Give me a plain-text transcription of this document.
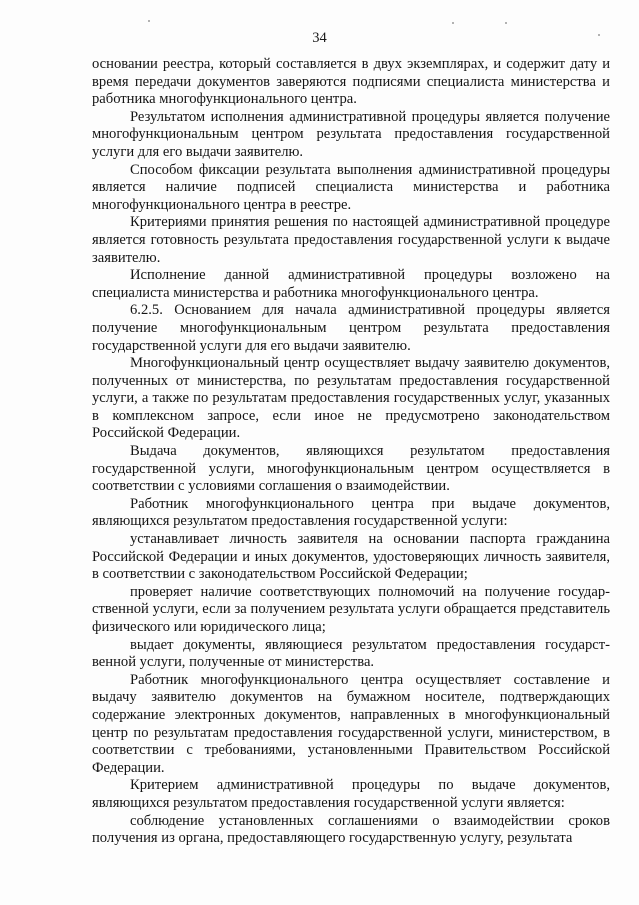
34

основании реестра, который составляется в двух экземплярах, и содержит дату и время передачи документов заверяются подписями специалиста министерства и работника многофункционального центра.

Результатом исполнения административной процедуры является получение многофункциональным центром результата предоставления государственной услуги для его выдачи заявителю.

Способом фиксации результата выполнения административной процедуры является наличие подписей специалиста министерства и работника многофункционального центра в реестре.

Критериями принятия решения по настоящей административной процедуре является готовность результата предоставления государственной услуги к выдаче заявителю.

Исполнение данной административной процедуры возложено на специалиста министерства и работника многофункционального центра.

6.2.5. Основанием для начала административной процедуры является получение многофункциональным центром результата предоставления государственной услуги для его выдачи заявителю.

Многофункциональный центр осуществляет выдачу заявителю документов, полученных от министерства, по результатам предоставления государственной услуги, а также по результатам предоставления государственных услуг, указанных в комплексном запросе, если иное не предусмотрено законодательством Российской Федерации.

Выдача документов, являющихся результатом предоставления государственной услуги, многофункциональным центром осуществляется в соответствии с условиями соглашения о взаимодействии.

Работник многофункционального центра при выдаче документов, являющихся результатом предоставления государственной услуги:

устанавливает личность заявителя на основании паспорта гражданина Российской Федерации и иных документов, удостоверяющих личность заявителя, в соответствии с законодательством Российской Федерации;

проверяет наличие соответствующих полномочий на получение государственной услуги, если за получением результата услуги обращается представитель физического или юридического лица;

выдает документы, являющиеся результатом предоставления государственной услуги, полученные от министерства.

Работник многофункционального центра осуществляет составление и выдачу заявителю документов на бумажном носителе, подтверждающих содержание электронных документов, направленных в многофункциональный центр по результатам предоставления государственной услуги, министерством, в соответствии с требованиями, установленными Правительством Российской Федерации.

Критерием административной процедуры по выдаче документов, являющихся результатом предоставления государственной услуги является:

соблюдение установленных соглашениями о взаимодействии сроков получения из органа, предоставляющего государственную услугу, результата
